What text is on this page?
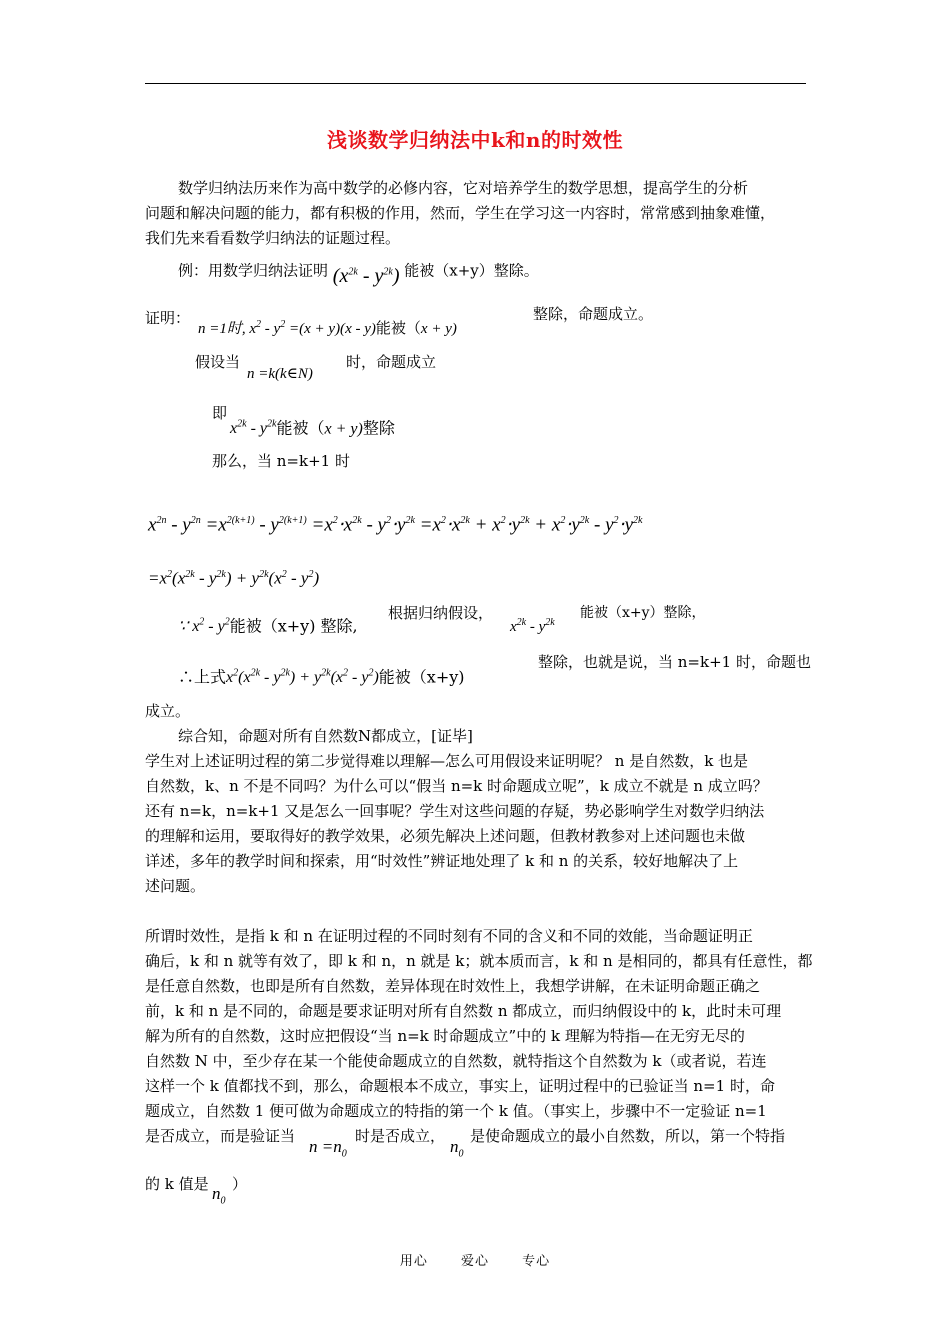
浅谈数学归纳法中k和n的时效性
数学归纳法历来作为高中数学的必修内容，它对培养学生的数学思想，提高学生的分析
问题和解决问题的能力，都有积极的作用，然而，学生在学习这一内容时，常常感到抽象难懂，
我们先来看看数学归纳法的证题过程。
例：用数学归纳法证明 $(x^{2k} - y^{2k})$ 能被（x+y）整除。
证明：
n =1时, $x^2 - y^2 =(x + y)(x - y)$能被（x + y)
整除，命题成立。
假设当
n =k(k∈N)
时，命题成立
即
$x^{2k} - y^{2k}$能被（x + y)整除
那么，当 n=k+1 时
$x^{2n} - y^{2n} =x^{2(k+1)} - y^{2(k+1)} =x^2\cdot x^{2k} - y^2\cdot y^{2k} =x^2\cdot x^{2k} + x^2\cdot y^{2k} + x^2\cdot y^{2k} - y^2\cdot y^{2k}$
$=x^2(x^{2k} - y^{2k}) + y^{2k}(x^2 - y^2)$
∵ $x^2 - y^2$能被（x+y) 整除,
根据归纳假设，
$x^{2k} - y^{2k}$
能被（x+y）整除，
∴上式$x^2(x^{2k} - y^{2k}) + y^{2k}(x^2 - y^2)$能被（x+y)
整除，也就是说，当 n=k+1 时，命题也
成立。
综合知，命题对所有自然数N都成立，[证毕]
学生对上述证明过程的第二步觉得难以理解—怎么可用假设来证明呢？ n 是自然数，k 也是
自然数，k、n 不是不同吗？为什么可以“假当 n=k 时命题成立呢”，k 成立不就是 n 成立吗？
还有 n=k，n=k+1 又是怎么一回事呢？学生对这些问题的存疑，势必影响学生对数学归纳法
的理解和运用，要取得好的教学效果，必须先解决上述问题，但教材教参对上述问题也未做
详述，多年的教学时间和探索，用“时效性”辨证地处理了 k 和 n 的关系，较好地解决了上
述问题。
所谓时效性，是指 k 和 n 在证明过程的不同时刻有不同的含义和不同的效能，当命题证明正
确后，k 和 n 就等有效了，即 k 和 n，n 就是 k；就本质而言，k 和 n 是相同的，都具有任意性，都
是任意自然数，也即是所有自然数，差异体现在时效性上，我想学讲解，在未证明命题正确之
前，k 和 n 是不同的，命题是要求证明对所有自然数 n 都成立，而归纳假设中的 k，此时未可理
解为所有的自然数，这时应把假设“当 n=k 时命题成立”中的 k 理解为特指—在无穷无尽的
自然数 N 中，至少存在某一个能使命题成立的自然数，就特指这个自然数为 k（或者说，若连
这样一个 k 值都找不到，那么，命题根本不成立，事实上，证明过程中的已验证当 n=1 时，命
题成立，自然数 1 便可做为命题成立的特指的第一个 k 值。（事实上，步骤中不一定验证 n=1
是否成立，而是验证当
$n =n_0$
时是否成立，
$n_0$
是使命题成立的最小自然数，所以，第一个特指
的 k 值是 $n_0$
）
用心	爱心	专心
